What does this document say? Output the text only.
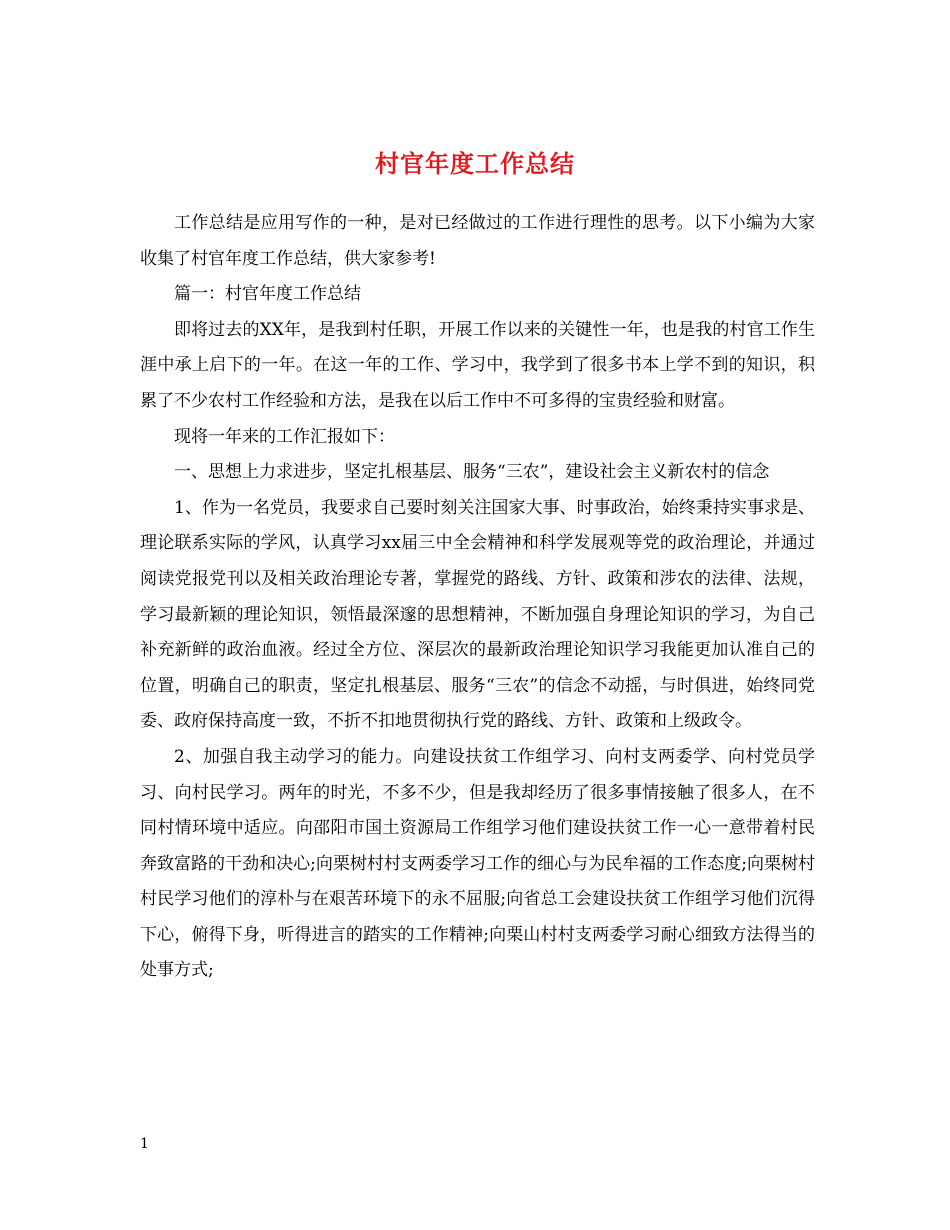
村官年度工作总结

工作总结是应用写作的一种，是对已经做过的工作进行理性的思考。以下小编为大家收集了村官年度工作总结，供大家参考!

篇一：村官年度工作总结

即将过去的XX年，是我到村任职，开展工作以来的关键性一年，也是我的村官工作生涯中承上启下的一年。在这一年的工作、学习中，我学到了很多书本上学不到的知识，积累了不少农村工作经验和方法，是我在以后工作中不可多得的宝贵经验和财富。

现将一年来的工作汇报如下：

一、思想上力求进步，坚定扎根基层、服务“三农”，建设社会主义新农村的信念

1、作为一名党员，我要求自己要时刻关注国家大事、时事政治，始终秉持实事求是、理论联系实际的学风，认真学习xx届三中全会精神和科学发展观等党的政治理论，并通过阅读党报党刊以及相关政治理论专著，掌握党的路线、方针、政策和涉农的法律、法规，学习最新颖的理论知识，领悟最深邃的思想精神，不断加强自身理论知识的学习，为自己补充新鲜的政治血液。经过全方位、深层次的最新政治理论知识学习我能更加认准自己的位置，明确自己的职责，坚定扎根基层、服务“三农”的信念不动摇，与时俱进，始终同党委、政府保持高度一致，不折不扣地贯彻执行党的路线、方针、政策和上级政令。

2、加强自我主动学习的能力。向建设扶贫工作组学习、向村支两委学、向村党员学习、向村民学习。两年的时光，不多不少，但是我却经历了很多事情接触了很多人，在不同村情环境中适应。向邵阳市国土资源局工作组学习他们建设扶贫工作一心一意带着村民奔致富路的干劲和决心;向栗树村村支两委学习工作的细心与为民牟福的工作态度;向栗树村村民学习他们的淳朴与在艰苦环境下的永不屈服;向省总工会建设扶贫工作组学习他们沉得下心，俯得下身，听得进言的踏实的工作精神;向栗山村村支两委学习耐心细致方法得当的处事方式;

1
